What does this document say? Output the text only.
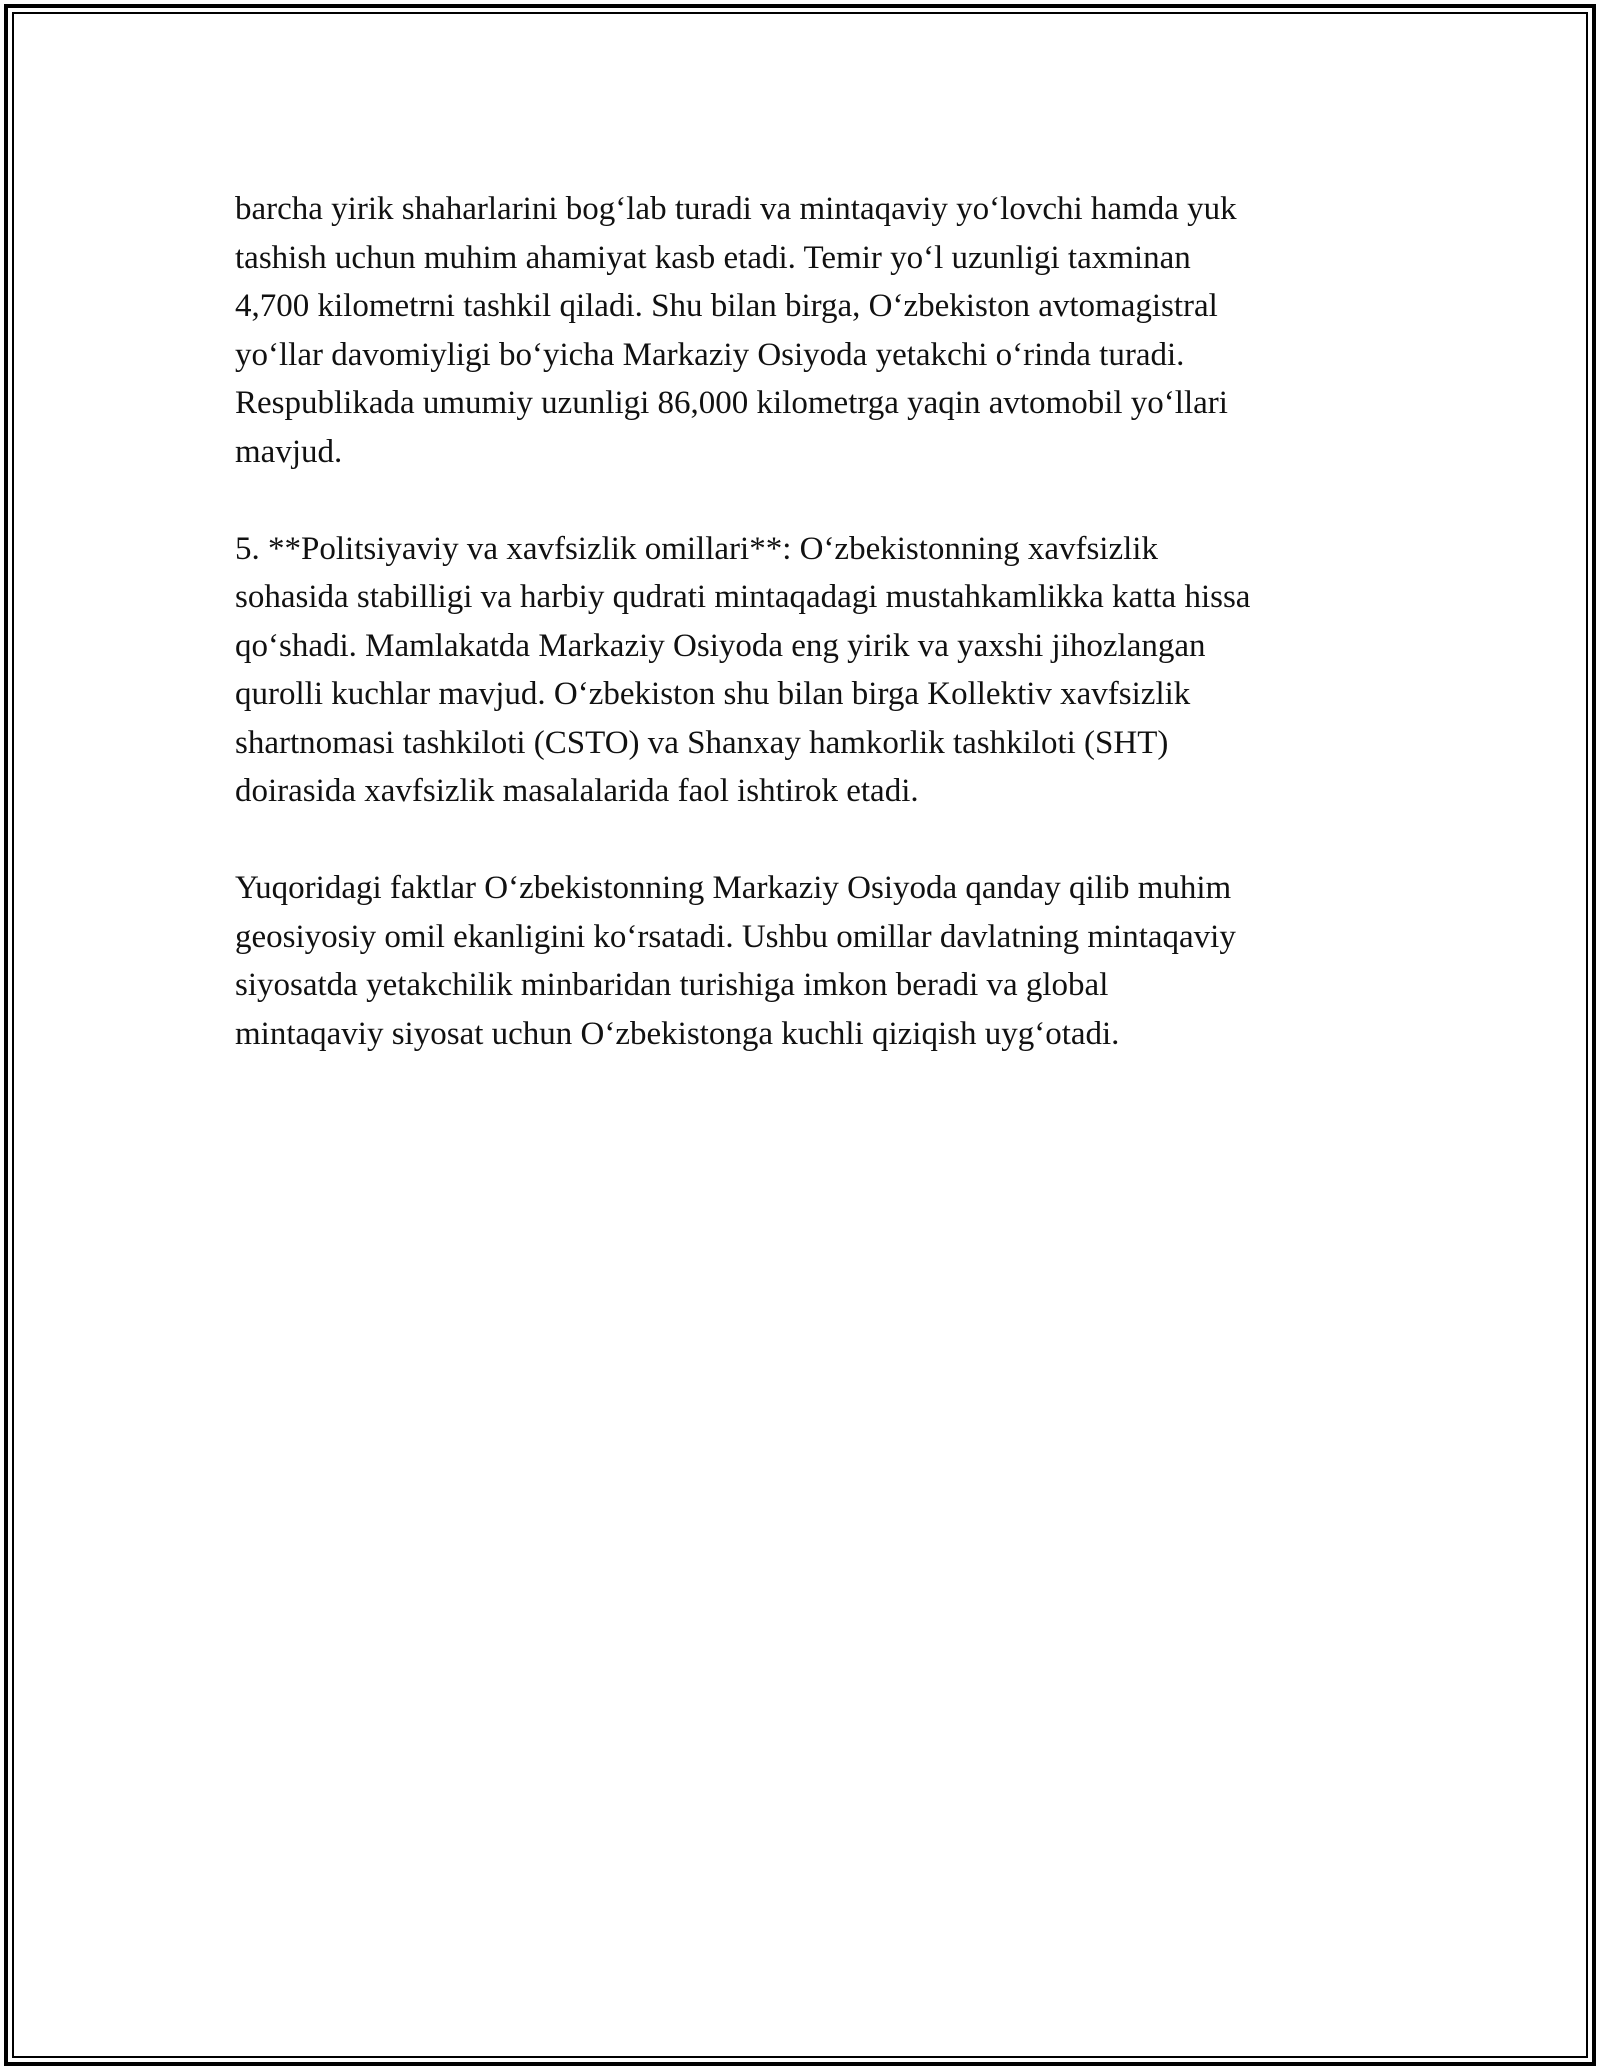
barcha yirik shaharlarini bog‘lab turadi va mintaqaviy yo‘lovchi hamda yuk
tashish uchun muhim ahamiyat kasb etadi. Temir yo‘l uzunligi taxminan
4,700 kilometrni tashkil qiladi. Shu bilan birga, O‘zbekiston avtomagistral
yo‘llar davomiyligi bo‘yicha Markaziy Osiyoda yetakchi o‘rinda turadi.
Respublikada umumiy uzunligi 86,000 kilometrga yaqin avtomobil yo‘llari
mavjud.

5. **Politsiyaviy va xavfsizlik omillari**: O‘zbekistonning xavfsizlik
sohasida stabilligi va harbiy qudrati mintaqadagi mustahkamlikka katta hissa
qo‘shadi. Mamlakatda Markaziy Osiyoda eng yirik va yaxshi jihozlangan
qurolli kuchlar mavjud. O‘zbekiston shu bilan birga Kollektiv xavfsizlik
shartnomasi tashkiloti (CSTO) va Shanxay hamkorlik tashkiloti (SHT)
doirasida xavfsizlik masalalarida faol ishtirok etadi.

Yuqoridagi faktlar O‘zbekistonning Markaziy Osiyoda qanday qilib muhim
geosiyosiy omil ekanligini ko‘rsatadi. Ushbu omillar davlatning mintaqaviy
siyosatda yetakchilik minbaridan turishiga imkon beradi va global
mintaqaviy siyosat uchun O‘zbekistonga kuchli qiziqish uyg‘otadi.
